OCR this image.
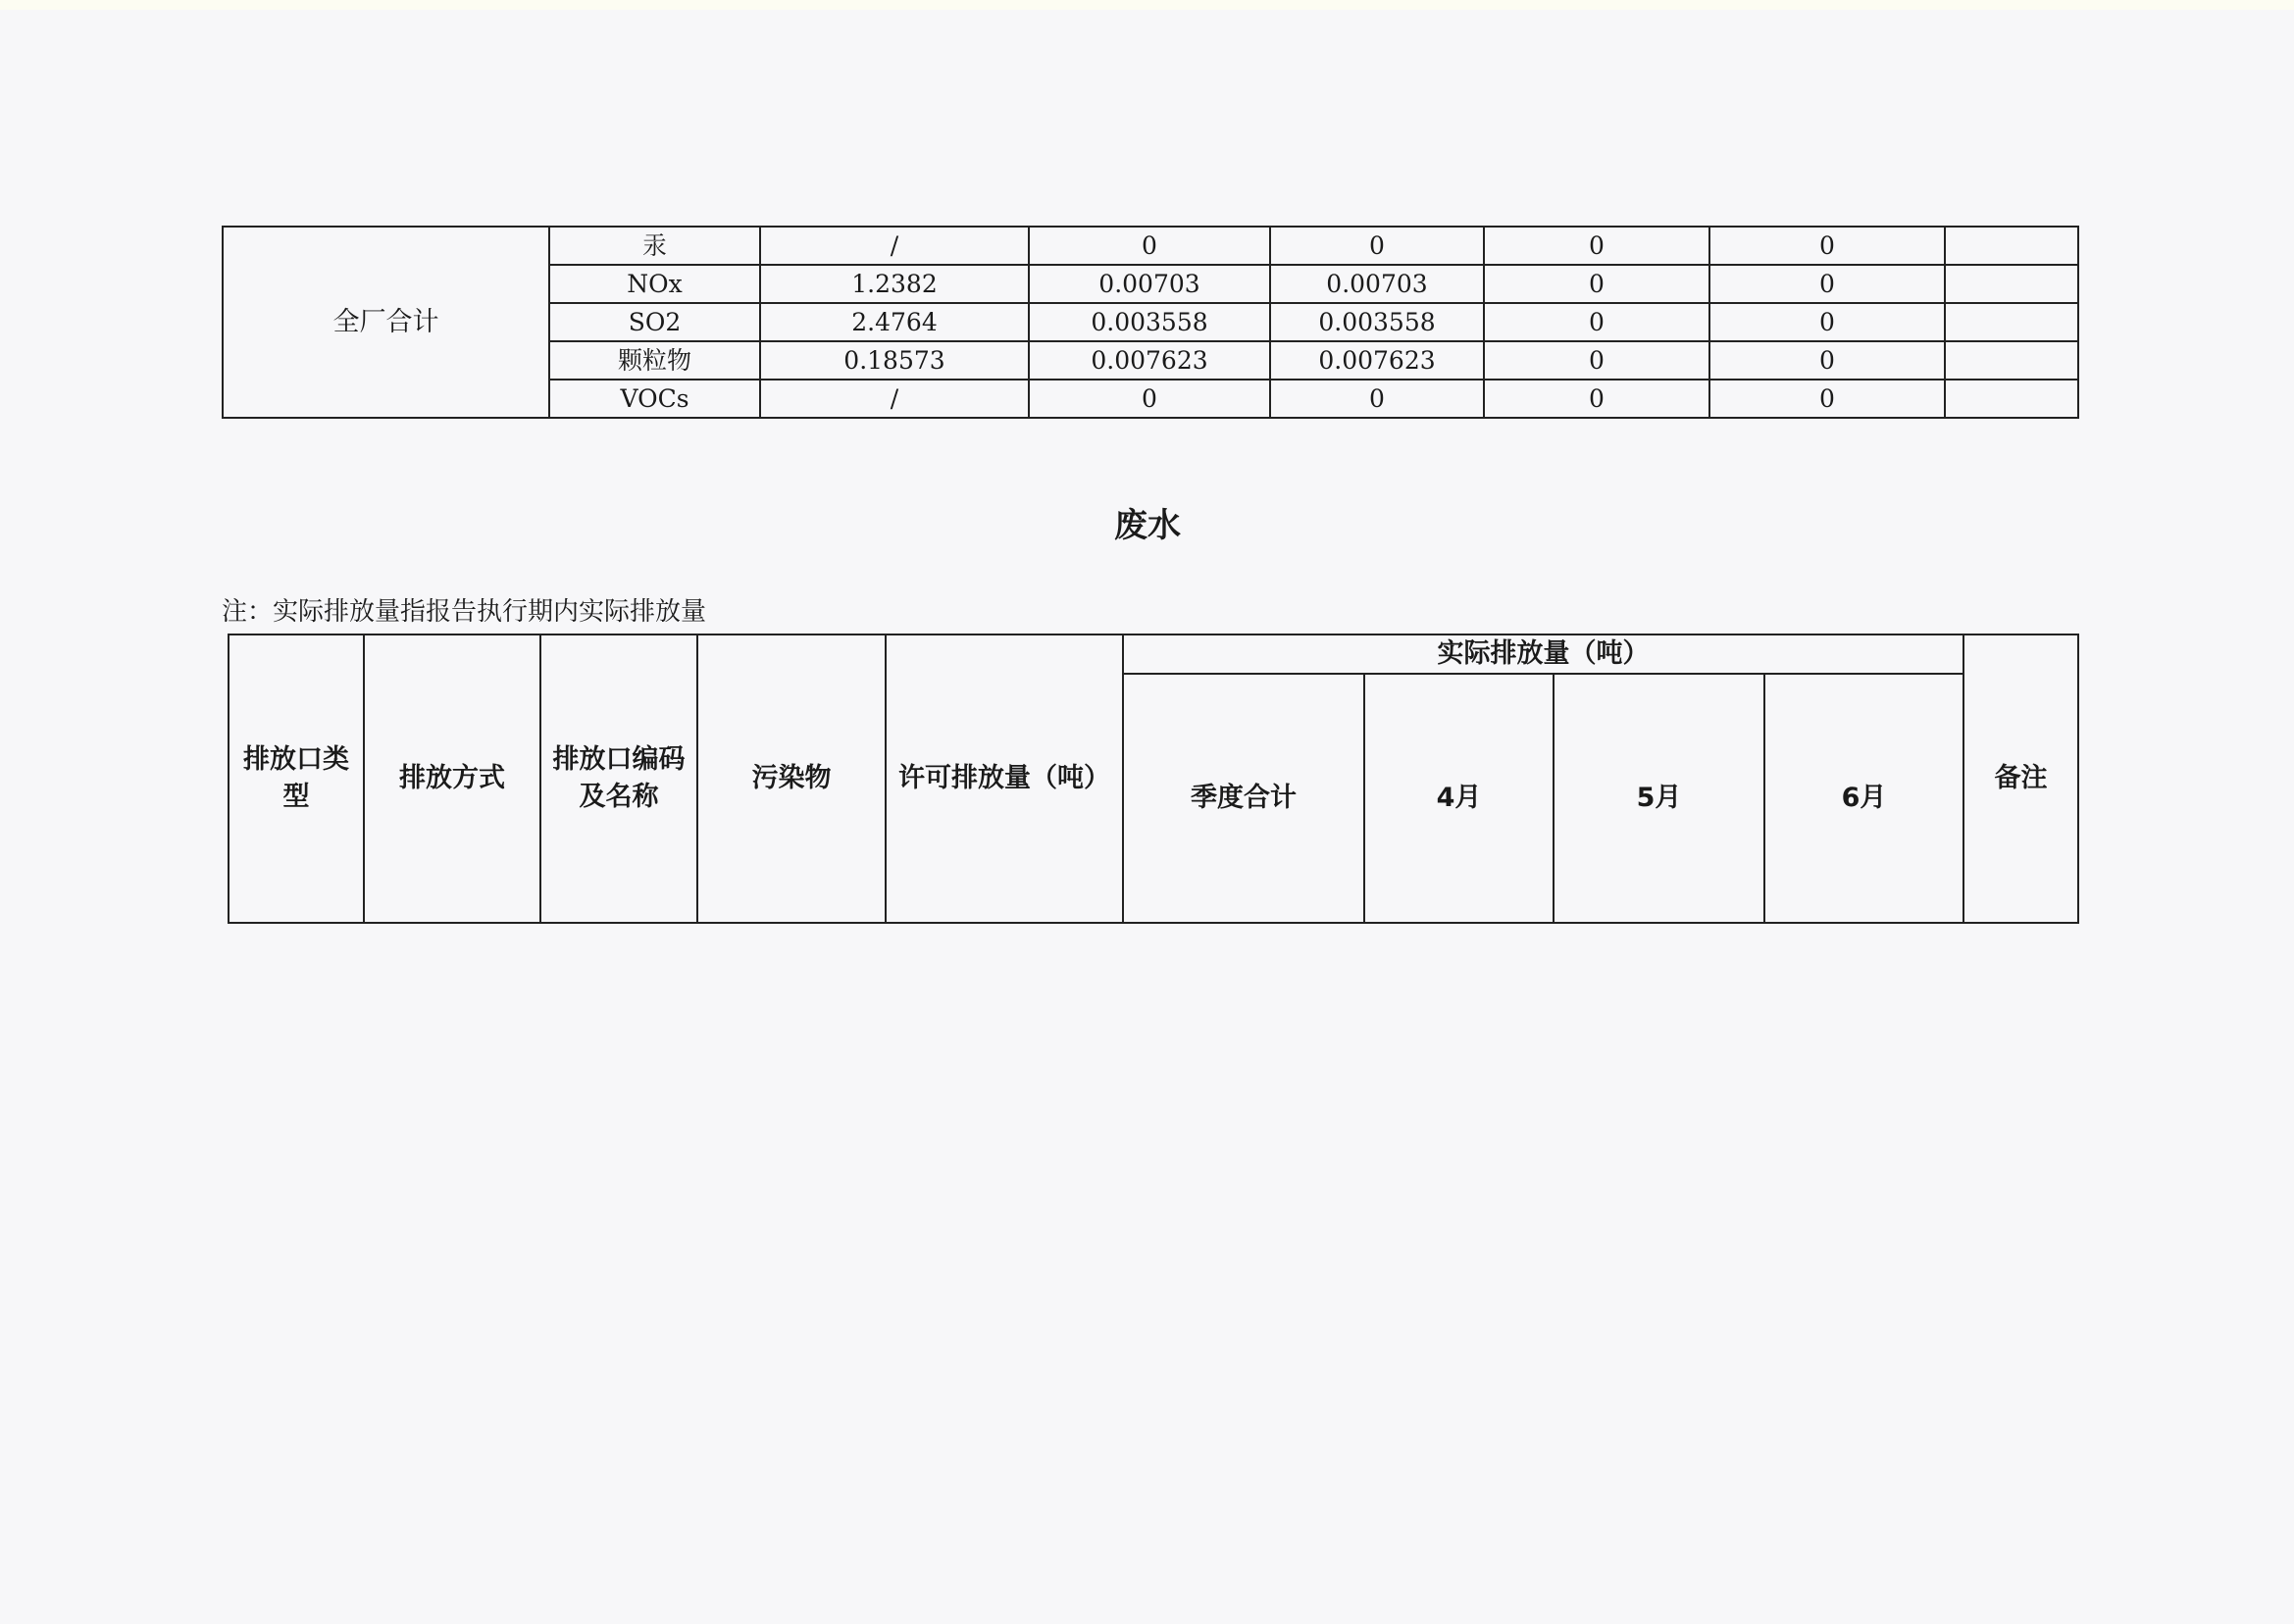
全厂合计	汞	/	0	0	0	0	
	NOx	1.2382	0.00703	0.00703	0	0	
	SO2	2.4764	0.003558	0.003558	0	0	
	颗粒物	0.18573	0.007623	0.007623	0	0	
	VOCs	/	0	0	0	0	
废水

注：实际排放量指报告执行期内实际排放量

排放口类型	排放方式	排放口编码及名称	污染物	许可排放量（吨）	实际排放量（吨）				备注
					季度合计	4月	5月	6月	
